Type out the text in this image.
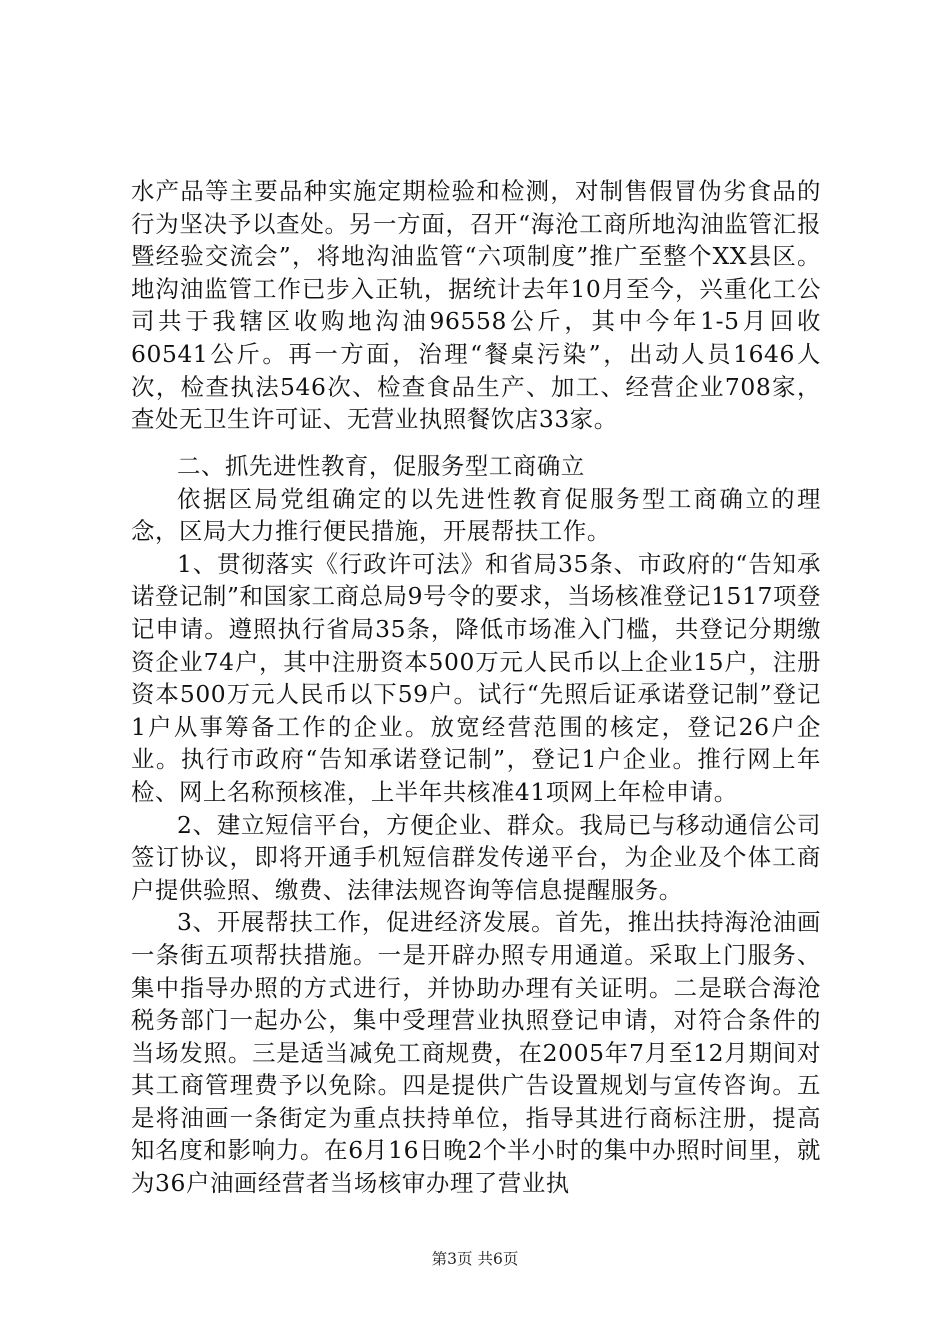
水产品等主要品种实施定期检验和检测，对制售假冒伪劣食品的行为坚决予以查处。另一方面，召开“海沧工商所地沟油监管汇报暨经验交流会”，将地沟油监管“六项制度”推广至整个XX县区。地沟油监管工作已步入正轨，据统计去年10月至今，兴重化工公司共于我辖区收购地沟油96558公斤，其中今年1-5月回收60541公斤。再一方面，治理“餐桌污染”，出动人员1646人次，检查执法546次、检查食品生产、加工、经营企业708家，查处无卫生许可证、无营业执照餐饮店33家。

二、抓先进性教育，促服务型工商确立

依据区局党组确定的以先进性教育促服务型工商确立的理念，区局大力推行便民措施，开展帮扶工作。

1、贯彻落实《行政许可法》和省局35条、市政府的“告知承诺登记制”和国家工商总局9号令的要求，当场核准登记1517项登记申请。遵照执行省局35条，降低市场准入门槛，共登记分期缴资企业74户，其中注册资本500万元人民币以上企业15户，注册资本500万元人民币以下59户。试行“先照后证承诺登记制”登记1户从事筹备工作的企业。放宽经营范围的核定，登记26户企业。执行市政府“告知承诺登记制”，登记1户企业。推行网上年检、网上名称预核准，上半年共核准41项网上年检申请。

2、建立短信平台，方便企业、群众。我局已与移动通信公司签订协议，即将开通手机短信群发传递平台，为企业及个体工商户提供验照、缴费、法律法规咨询等信息提醒服务。

3、开展帮扶工作，促进经济发展。首先，推出扶持海沧油画一条街五项帮扶措施。一是开辟办照专用通道。采取上门服务、集中指导办照的方式进行，并协助办理有关证明。二是联合海沧税务部门一起办公，集中受理营业执照登记申请，对符合条件的当场发照。三是适当减免工商规费，在2005年7月至12月期间对其工商管理费予以免除。四是提供广告设置规划与宣传咨询。五是将油画一条街定为重点扶持单位，指导其进行商标注册，提高知名度和影响力。在6月16日晚2个半小时的集中办照时间里，就为36户油画经营者当场核审办理了营业执

第3页 共6页
